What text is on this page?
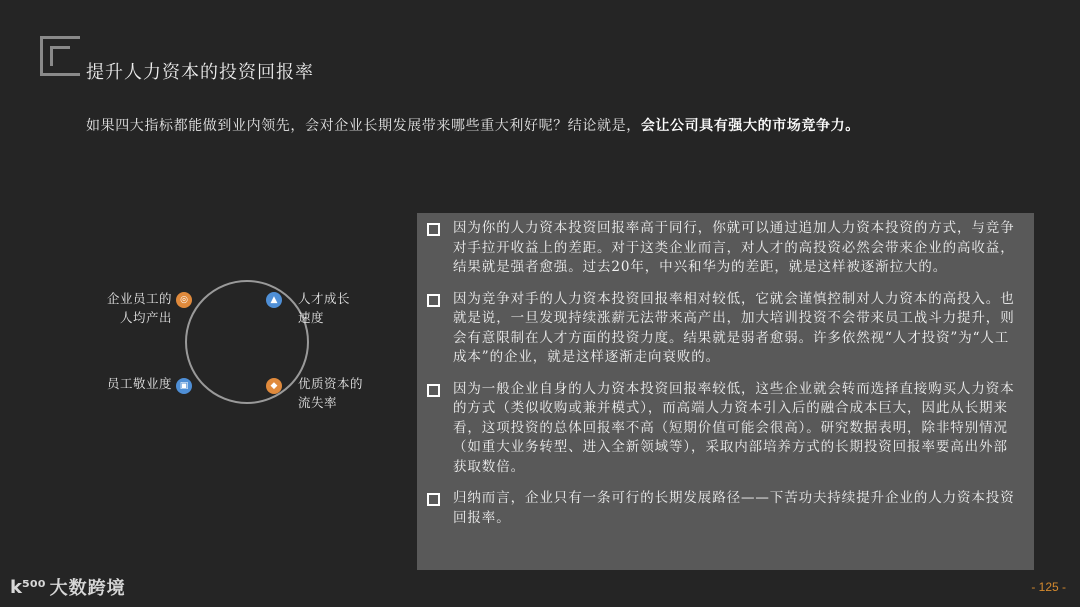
提升人力资本的投资回报率
如果四大指标都能做到业内领先，会对企业长期发展带来哪些重大利好呢？结论就是，会让公司具有强大的市场竞争力。
◎	▲
▣	◆
企业员工的
人均产出
人才成长
速度
员工敬业度	优质资本的
流失率
因为你的人力资本投资回报率高于同行，你就可以通过追加人力资本投资的方式，与竞争对手拉开收益上的差距。对于这类企业而言，对人才的高投资必然会带来企业的高收益，结果就是强者愈强。过去20年，中兴和华为的差距，就是这样被逐渐拉大的。
因为竞争对手的人力资本投资回报率相对较低，它就会谨慎控制对人力资本的高投入。也就是说，一旦发现持续涨薪无法带来高产出，加大培训投资不会带来员工战斗力提升，则会有意限制在人才方面的投资力度。结果就是弱者愈弱。许多依然视“人才投资”为“人工成本”的企业，就是这样逐渐走向衰败的。
因为一般企业自身的人力资本投资回报率较低，这些企业就会转而选择直接购买人力资本的方式（类似收购或兼并模式），而高端人力资本引入后的融合成本巨大，因此从长期来看，这项投资的总体回报率不高（短期价值可能会很高）。研究数据表明，除非特别情况（如重大业务转型、进入全新领域等），采取内部培养方式的长期投资回报率要高出外部获取数倍。
归纳而言，企业只有一条可行的长期发展路径——下苦功夫持续提升企业的人力资本投资回报率。
k⁵⁰⁰ 大数跨境	- 125 -
